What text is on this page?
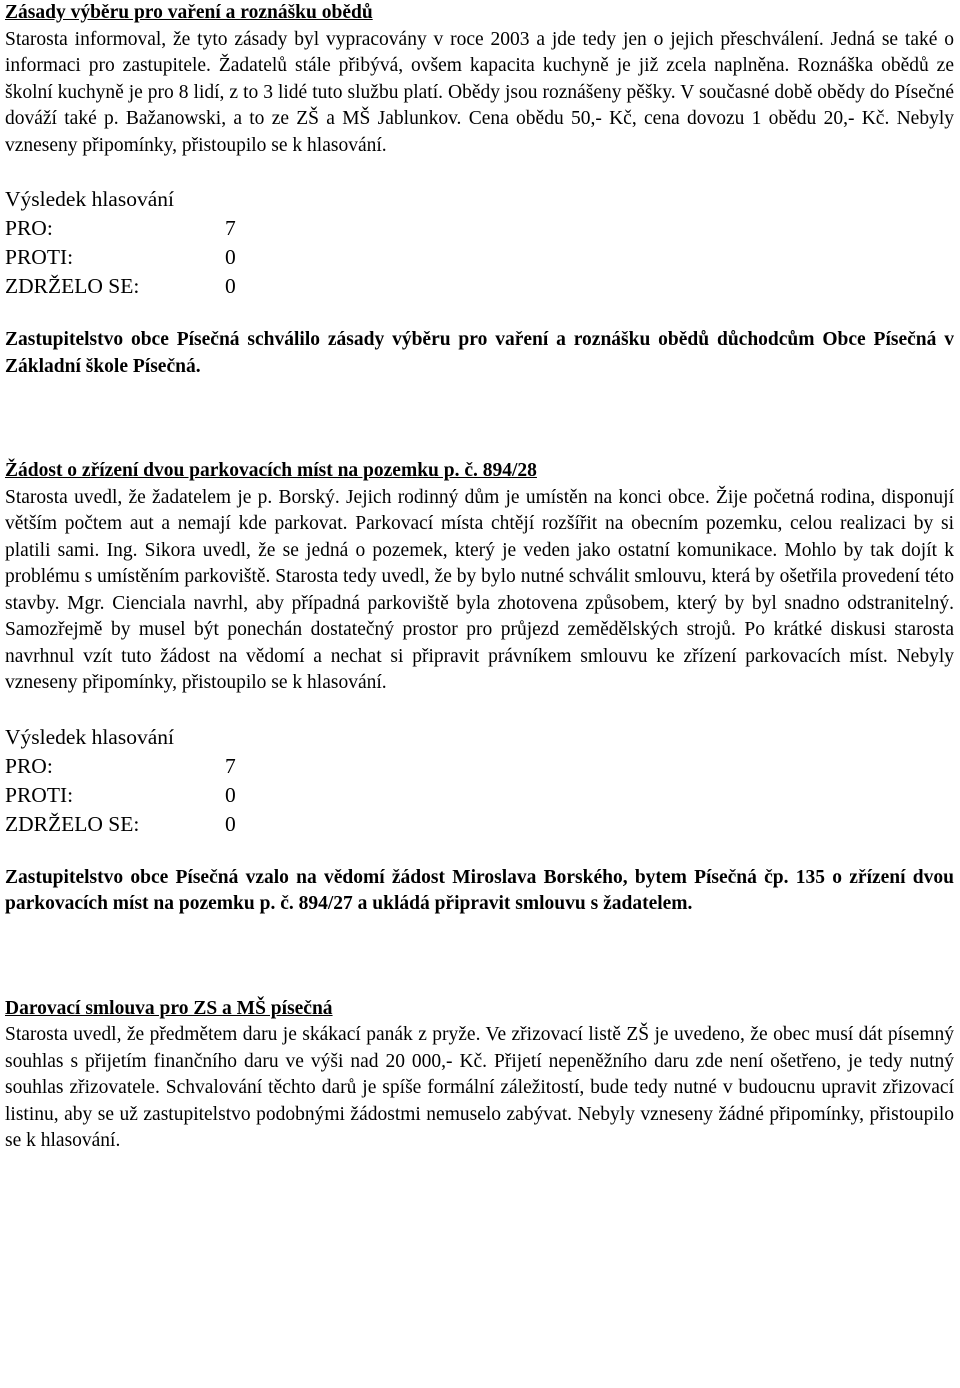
Zásady výběru pro vaření a roznášku obědů

Starosta informoval, že tyto zásady byl vypracovány v roce 2003 a jde tedy jen o jejich přeschválení. Jedná se také o informaci pro zastupitele. Žadatelů stále přibývá, ovšem kapacita kuchyně je již zcela naplněna. Roznáška obědů ze školní kuchyně je pro 8 lidí, z to 3 lidé tuto službu platí. Obědy jsou roznášeny pěšky. V současné době obědy do Písečné dováží také p. Bažanowski, a to ze ZŠ a MŠ Jablunkov. Cena obědu 50,- Kč, cena dovozu 1 obědu 20,- Kč. Nebyly vzneseny připomínky, přistoupilo se k hlasování.

Výsledek hlasování
PRO:	7
PROTI:	0
ZDRŽELO SE:	0

Zastupitelstvo obce Písečná schválilo zásady výběru pro vaření a roznášku obědů důchodcům Obce Písečná v Základní škole Písečná.

Žádost o zřízení dvou parkovacích míst na pozemku p. č. 894/28

Starosta uvedl, že žadatelem je p. Borský. Jejich rodinný dům je umístěn na konci obce. Žije početná rodina, disponují větším počtem aut a nemají kde parkovat. Parkovací místa chtějí rozšířit na obecním pozemku, celou realizaci by si platili sami. Ing. Sikora uvedl, že se jedná o pozemek, který je veden jako ostatní komunikace. Mohlo by tak dojít k problému s umístěním parkoviště. Starosta tedy uvedl, že by bylo nutné schválit smlouvu, která by ošetřila provedení této stavby. Mgr. Cienciala navrhl, aby případná parkoviště byla zhotovena způsobem, který by byl snadno odstranitelný. Samozřejmě by musel být ponechán dostatečný prostor pro průjezd zemědělských strojů. Po krátké diskusi starosta navrhnul vzít tuto žádost na vědomí a nechat si připravit právníkem smlouvu ke zřízení parkovacích míst. Nebyly vzneseny připomínky, přistoupilo se k hlasování.

Výsledek hlasování
PRO:	7
PROTI:	0
ZDRŽELO SE:	0

Zastupitelstvo obce Písečná vzalo na vědomí žádost Miroslava Borského, bytem Písečná čp. 135 o zřízení dvou parkovacích míst na pozemku p. č. 894/27 a ukládá připravit smlouvu s žadatelem.

Darovací smlouva pro ZS a MŠ písečná

Starosta uvedl, že předmětem daru je skákací panák z pryže. Ve zřizovací listě ZŠ je uvedeno, že obec musí dát písemný souhlas s přijetím finančního daru ve výši nad 20 000,- Kč. Přijetí nepeněžního daru zde není ošetřeno, je tedy nutný souhlas zřizovatele. Schvalování těchto darů je spíše formální záležitostí, bude tedy nutné v budoucnu upravit zřizovací listinu, aby se už zastupitelstvo podobnými žádostmi nemuselo zabývat. Nebyly vzneseny žádné připomínky, přistoupilo se k hlasování.
